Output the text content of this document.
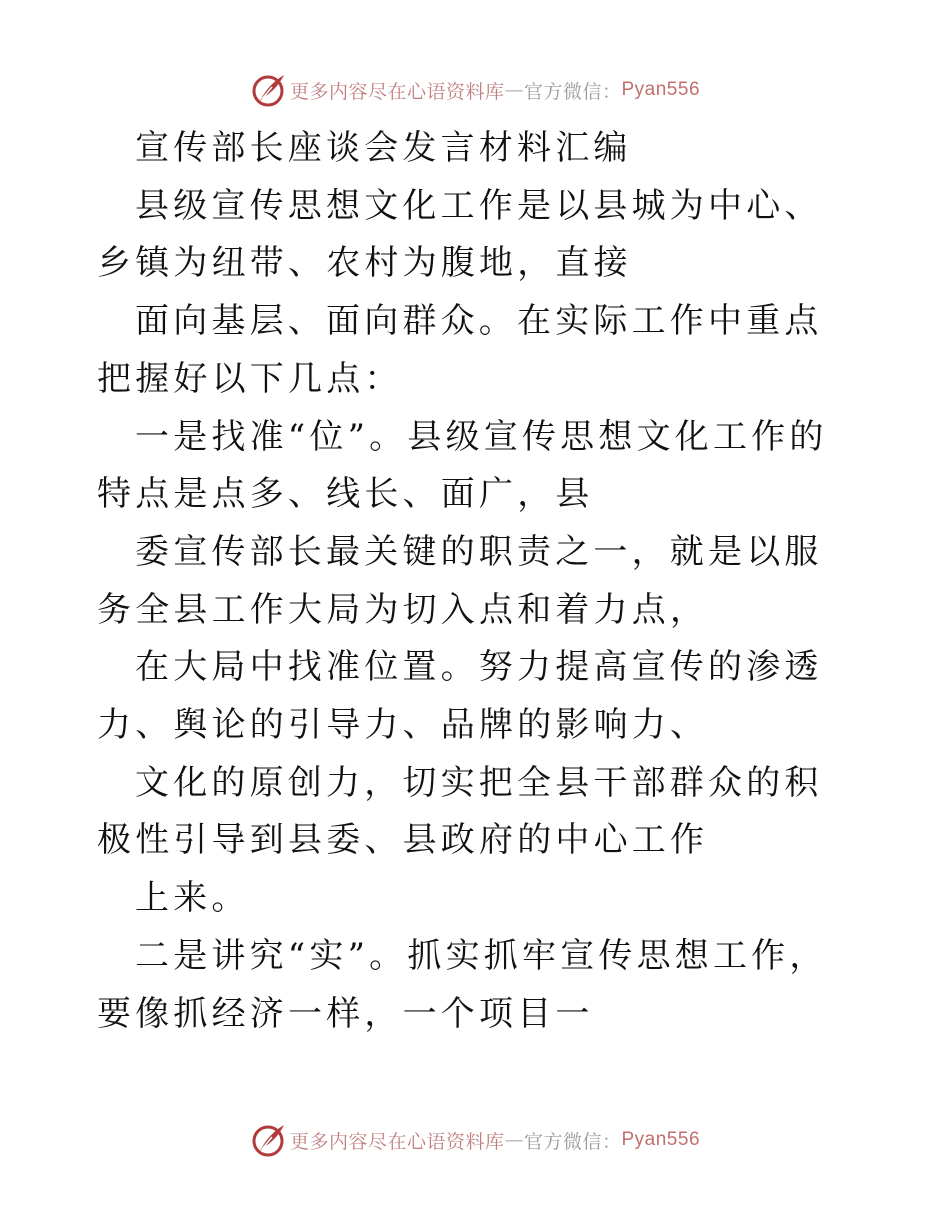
更多内容尽在心语资料库 — 官方微信： Pyan556

宣传部长座谈会发言材料汇编

县级宣传思想文化工作是以县城为中心、乡镇为纽带、农村为腹地，直接

面向基层、面向群众。在实际工作中重点把握好以下几点：

一是找准“位”。县级宣传思想文化工作的特点是点多、线长、面广，县

委宣传部长最关键的职责之一，就是以服务全县工作大局为切入点和着力点，

在大局中找准位置。努力提高宣传的渗透力、舆论的引导力、品牌的影响力、

文化的原创力，切实把全县干部群众的积极性引导到县委、县政府的中心工作

上来。

二是讲究“实”。抓实抓牢宣传思想工作，要像抓经济一样，一个项目一

更多内容尽在心语资料库 — 官方微信： Pyan556
